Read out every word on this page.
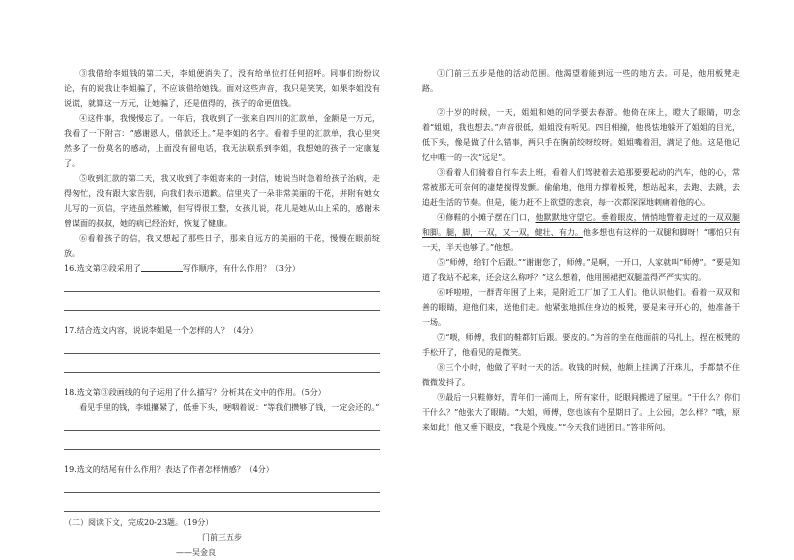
③我借给李姐钱的第二天，李姐便消失了，没有给单位打任何招呼。同事们纷纷议论，有的说我让李姐骗了，不应该借给她钱。面对这些声音，我只是笑笑，如果李姐没有说谎，就算这一万元，让她骗了，还是值得的，孩子的命更值钱。

④这件事，我慢慢忘了。一年后，我收到了一张来自四川的汇款单，金额是一万元，我看了一下附言：“感谢恩人，借款还上。”是李姐的名字。看着手里的汇款单，我心里突然多了一份莫名的感动，上面没有留电话，我无法联系到李姐，我想她的孩子一定康复了。

⑤收到汇款的第二天，我又收到了李姐寄来的一封信，她说当时急着给孩子治病，走得匆忙，没有跟大家告别，向我们表示道歉。信里夹了一朵非常美丽的干花，并附有她女儿写的一页信，字迹虽然稚嫩，但写得很工整，女孩儿说，花儿是她从山上采的，感谢未曾谋面的叔叔，她的病已经治好，恢复了健康。

⑥看着孩子的信，我又想起了那些日子，那来自远方的美丽的干花，慢慢在眼前绽放。

16.选文第②段采用了	写作顺序，有什么作用？（3分）

17.结合选文内容，说说李姐是一个怎样的人？（4分）

18.选文第③段画线的句子运用了什么描写？分析其在文中的作用。（5分）

看见手里的钱，李姐攥紧了，低垂下头，哽咽着说：“等我们攒够了钱，一定会还的。”

19.选文的结尾有什么作用？表达了作者怎样情感？（4分）

（二）阅读下文，完成20-23题。（19分）

门前三五步

——吴金良

①门前三五步是他的活动范围。他渴望着能到远一些的地方去。可是，他用板凳走路。

②十岁的时候，一天，姐姐和她的同学要去春游。他倚在床上，瞪大了眼睛，叨念着“姐姐，我也想去。”声音很低，姐姐没有听见。四目相撞，他畏怯地躲开了姐姐的目光，低下头，像是做了什么错事，两只手在胸前绞呀绞呀。姐姐嘴着泪，满足了他。这是他记忆中唯一的一次“远足”。

③看着人们骑着自行车去上班，看着人们驾驶着去追那要要起动的汽车，他的心，常常被那无可奈何的凄楚搅得发颤。偷偷地，他用力撑着板凳，想站起来，去跑、去跳，去追赶生活的节奏。但是，能力赶不上欲望的悲哀，每一次都深深地刺痛着他的心。

④修鞋的小摊子摆在门口，他默默地守望它。垂着眼皮，情悄地瞥着走过的一双双腿和脚。腿，脚，一双，又一双，健壮、有力。他多想也有这样的一双腿和脚呀！“哪怕只有一天，半天也够了。”他想。

⑤“师傅，给钉个后跟。”“谢谢您了，师傅。”是啊，一开口，人家就叫“师傅”。“要是知道了我站不起来，还会这么称呼？”这么想着，他用围裙把双腿盖得严严实实的。

⑥呼啦啦，一群青年围了上来，是附近工厂加了工人们。他认识他们。看着一双双和善的眼睛，迎他们来，送他们走。他紧张地抓住身边的板凳，要是来寻开心的，他准备干一场。

⑦“喂，师傅，我们的鞋都钉后跟。要皮的。”为首的坐在他面前的马扎上，捏在板凳的手松开了，他看见的是微笑。

⑧三个小时，他做了平时一天的活。收钱的时候，他额上挂满了汗珠儿，手都禁不住微微发抖了。

⑨最后一只鞋修好，青年们一涌而上，所有家什，眨眼间搬进了屋里。“干什么？你们干什么？”他张大了眼睛。“大姐，师傅，您也该有个星期日了。上公园，怎么样？”哦，原来如此！他又垂下眼皮，“我是个残废。”“今天我们进团日。”答非所问。
